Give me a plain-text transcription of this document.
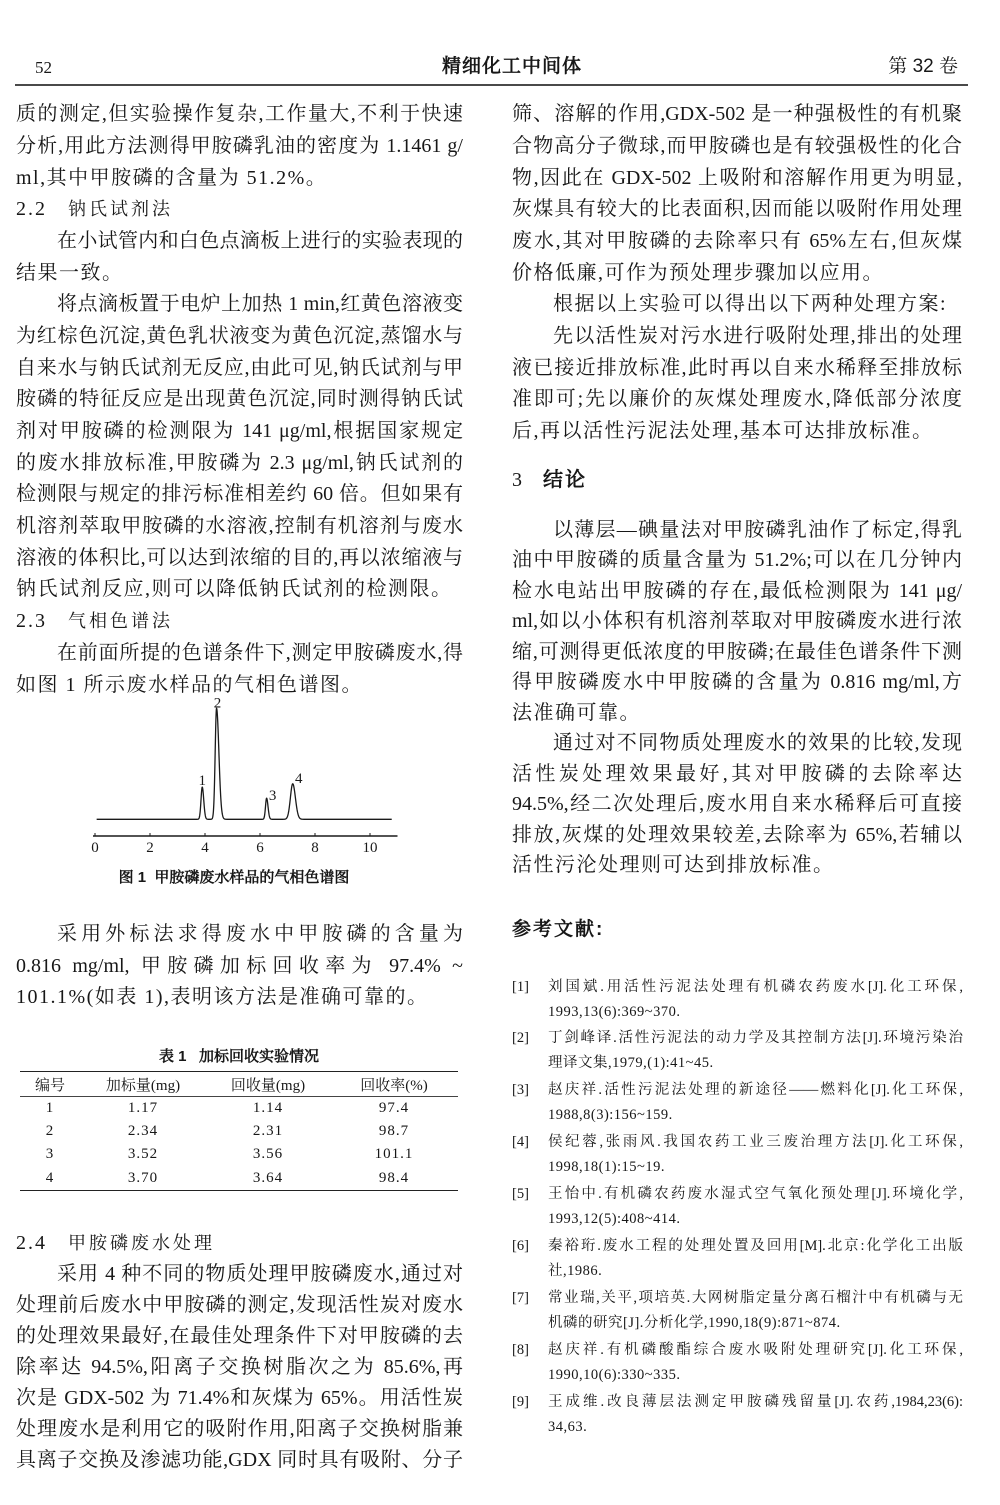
52	精细化工中间体	第 32 卷
质的测定,但实验操作复杂,工作量大,不利于快速
分析,用此方法测得甲胺磷乳油的密度为 1.1461 g/
ml,其中甲胺磷的含量为 51.2%。
2.2 钠氏试剂法
在小试管内和白色点滴板上进行的实验表现的
结果一致。
将点滴板置于电炉上加热 1 min,红黄色溶液变
为红棕色沉淀,黄色乳状液变为黄色沉淀,蒸馏水与
自来水与钠氏试剂无反应,由此可见,钠氏试剂与甲
胺磷的特征反应是出现黄色沉淀,同时测得钠氏试
剂对甲胺磷的检测限为 141 μg/ml,根据国家规定
的废水排放标准,甲胺磷为 2.3 μg/ml,钠氏试剂的
检测限与规定的排污标准相差约 60 倍。但如果有
机溶剂萃取甲胺磷的水溶液,控制有机溶剂与废水
溶液的体积比,可以达到浓缩的目的,再以浓缩液与
钠氏试剂反应,则可以降低钠氏试剂的检测限。
2.3 气相色谱法
在前面所提的色谱条件下,测定甲胺磷废水,得
如图 1 所示废水样品的气相色谱图。
0	2	4	6	8	10
1
2
3
4
图 1  甲胺磷废水样品的气相色谱图
采用外标法求得废水中甲胺磷的含量为
0.816 mg/ml, 甲胺磷加标回收率为 97.4% ~
101.1%(如表 1),表明该方法是准确可靠的。
表 1   加标回收实验情况
编号	加标量(mg)	回收量(mg)	回收率(%)
1	1.17	1.14	97.4
2	2.34	2.31	98.7
3	3.52	3.56	101.1
4	3.70	3.64	98.4
2.4 甲胺磷废水处理
采用 4 种不同的物质处理甲胺磷废水,通过对
处理前后废水中甲胺磷的测定,发现活性炭对废水
的处理效果最好,在最佳处理条件下对甲胺磷的去
除率达 94.5%,阳离子交换树脂次之为 85.6%,再
次是 GDX-502 为 71.4%和灰煤为 65%。用活性炭
处理废水是利用它的吸附作用,阳离子交换树脂兼
具离子交换及渗滤功能,GDX 同时具有吸附、分子
筛、溶解的作用,GDX-502 是一种强极性的有机聚
合物高分子微球,而甲胺磷也是有较强极性的化合
物,因此在 GDX-502 上吸附和溶解作用更为明显,
灰煤具有较大的比表面积,因而能以吸附作用处理
废水,其对甲胺磷的去除率只有 65%左右,但灰煤
价格低廉,可作为预处理步骤加以应用。
根据以上实验可以得出以下两种处理方案:
先以活性炭对污水进行吸附处理,排出的处理
液已接近排放标准,此时再以自来水稀释至排放标
准即可;先以廉价的灰煤处理废水,降低部分浓度
后,再以活性污泥法处理,基本可达排放标准。
3 结论
以薄层—碘量法对甲胺磷乳油作了标定,得乳
油中甲胺磷的质量含量为 51.2%;可以在几分钟内
检水电站出甲胺磷的存在,最低检测限为 141 μg/
ml,如以小体积有机溶剂萃取对甲胺磷废水进行浓
缩,可测得更低浓度的甲胺磷;在最佳色谱条件下测
得甲胺磷废水中甲胺磷的含量为 0.816 mg/ml,方
法准确可靠。
通过对不同物质处理废水的效果的比较,发现
活性炭处理效果最好,其对甲胺磷的去除率达
94.5%,经二次处理后,废水用自来水稀释后可直接
排放,灰煤的处理效果较差,去除率为 65%,若辅以
活性污沦处理则可达到排放标准。
参考文献:
[1] 刘国斌.用活性污泥法处理有机磷农药废水[J].化工环保,
1993,13(6):369~370.
[2] 丁剑峰译.活性污泥法的动力学及其控制方法[J].环境污染治
理译文集,1979,(1):41~45.
[3] 赵庆祥.活性污泥法处理的新途径——燃料化[J].化工环保,
1988,8(3):156~159.
[4] 侯纪蓉,张雨风.我国农药工业三废治理方法[J].化工环保,
1998,18(1):15~19.
[5] 王怡中.有机磷农药废水湿式空气氧化预处理[J].环境化学,
1993,12(5):408~414.
[6] 秦裕珩.废水工程的处理处置及回用[M].北京:化学化工出版
社,1986.
[7] 常业瑞,关平,项培英.大网树脂定量分离石榴汁中有机磷与无
机磷的研究[J].分析化学,1990,18(9):871~874.
[8] 赵庆祥.有机磷酸酯综合废水吸附处理研究[J].化工环保,
1990,10(6):330~335.
[9] 王成维.改良薄层法测定甲胺磷残留量[J].农药,1984,23(6):
34,63.
